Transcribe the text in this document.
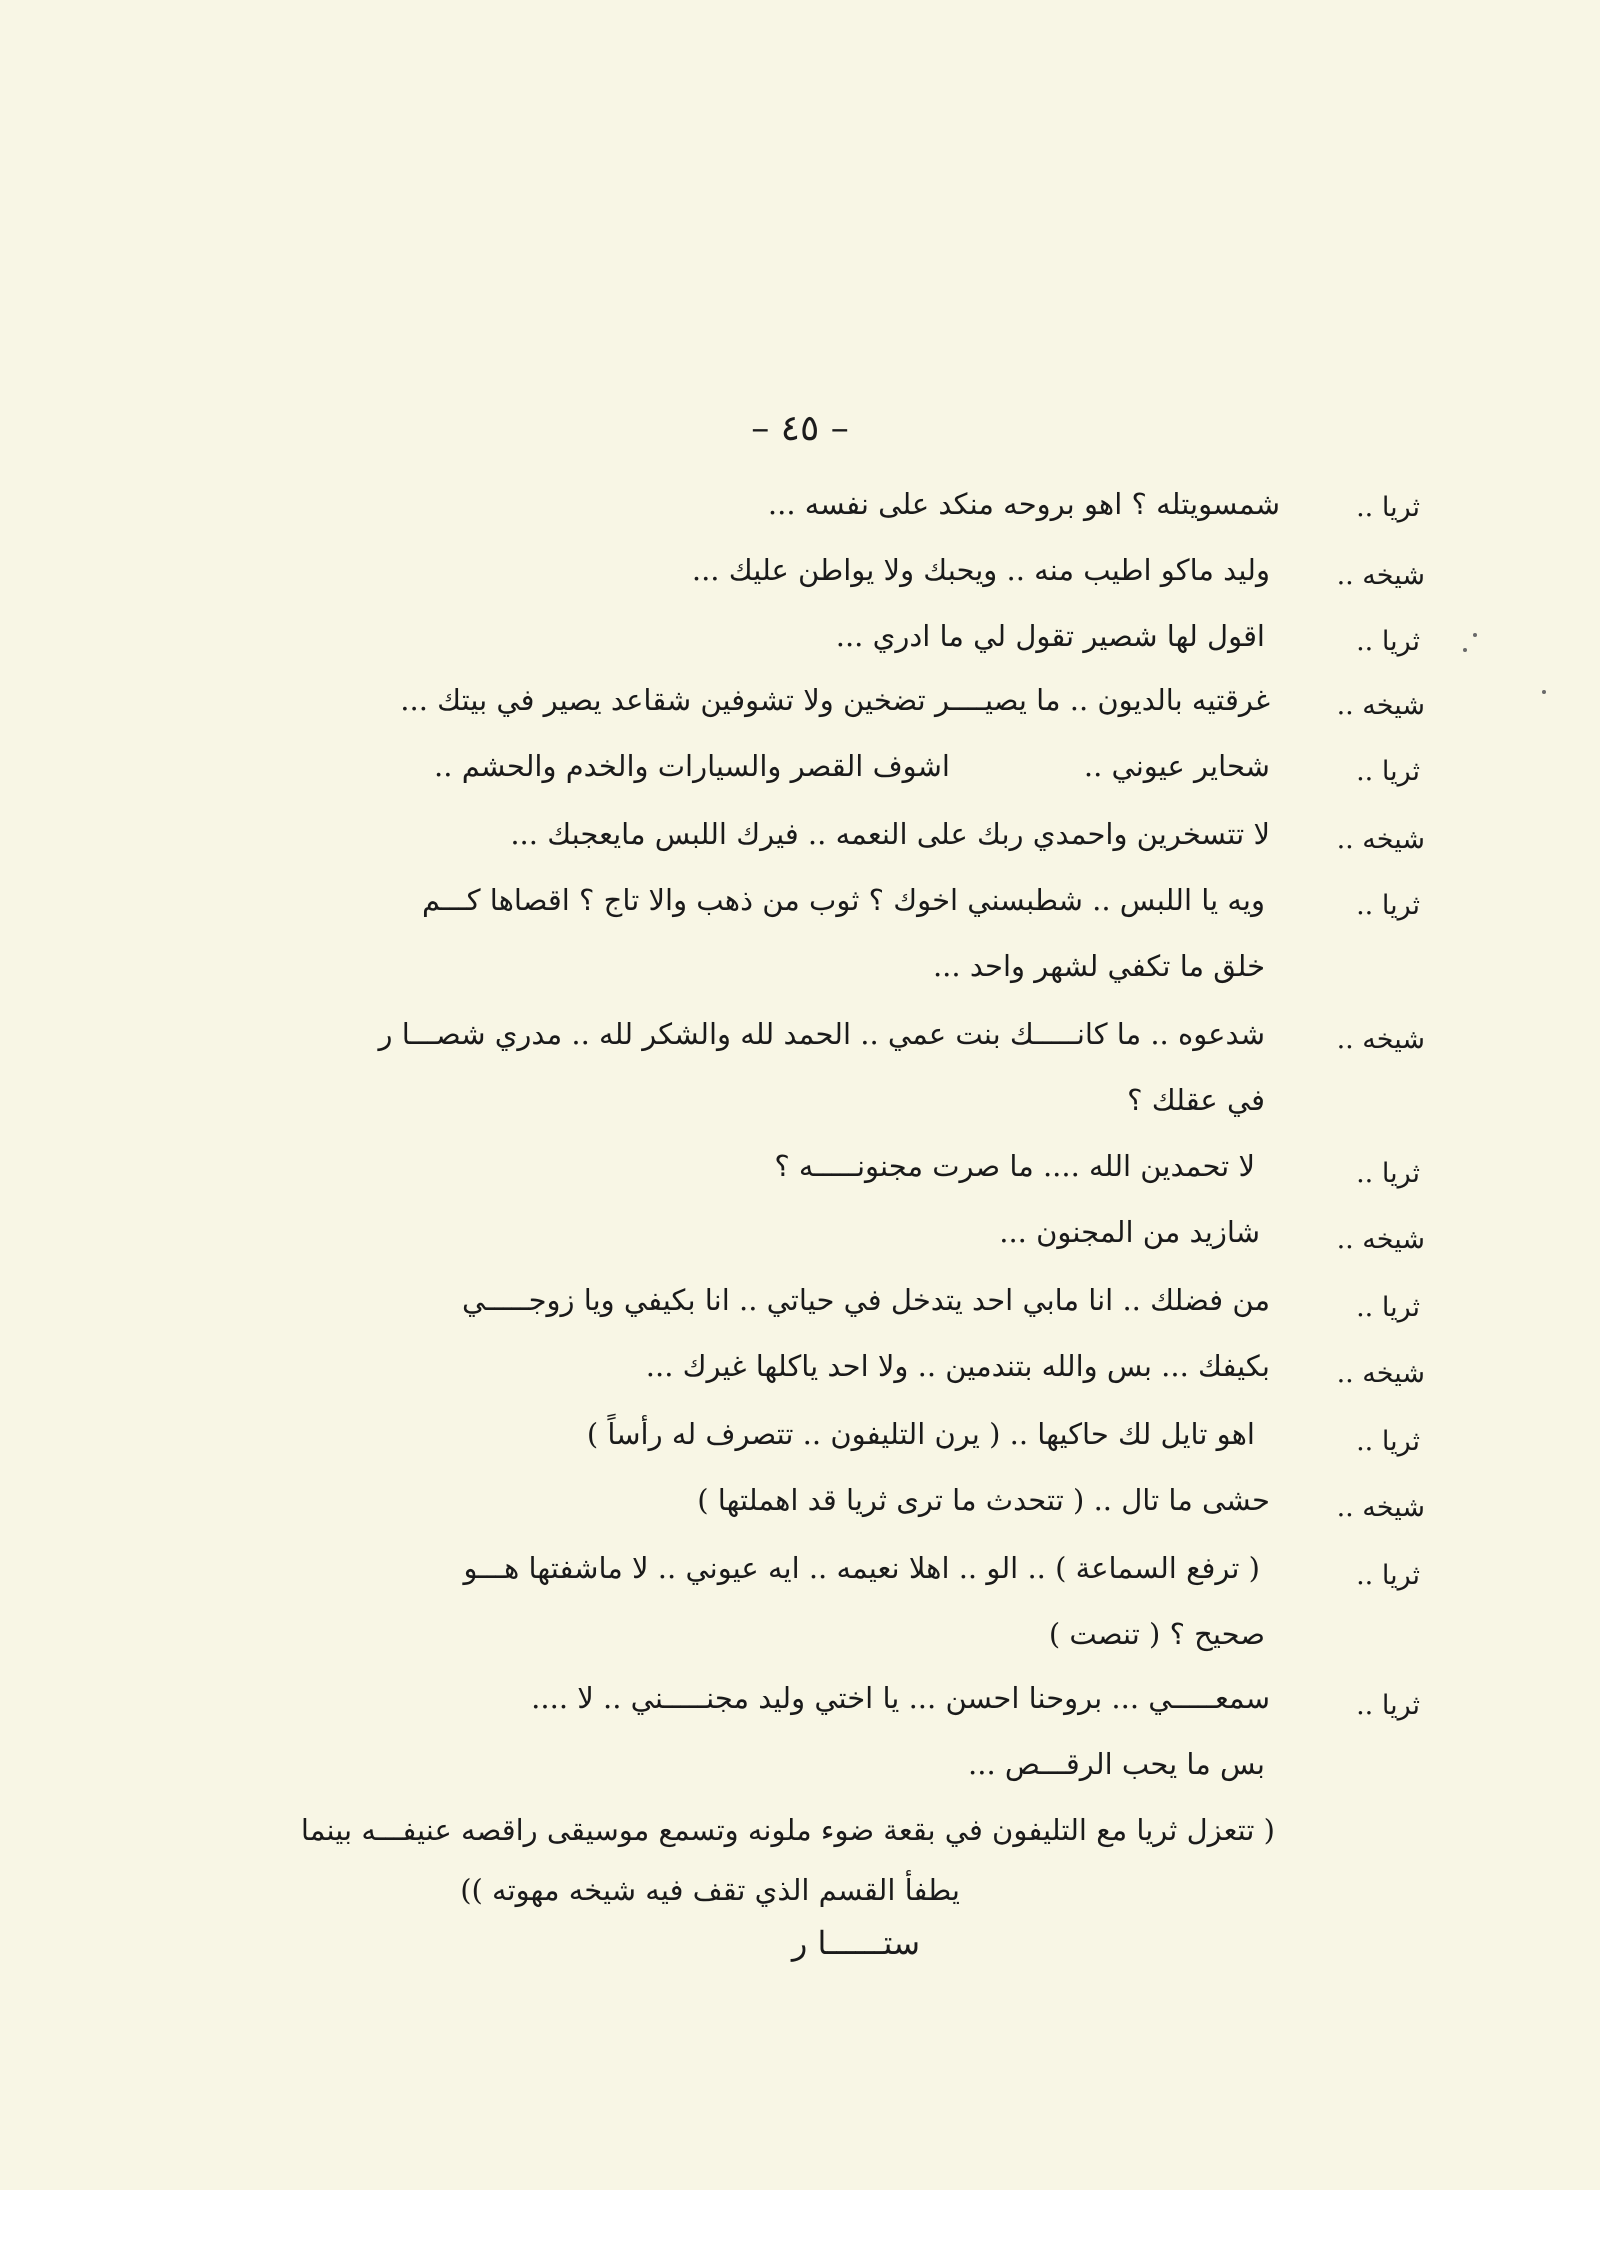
– ٤٥ –
ثريا ..
شمسويتله ؟ اهو بروحه منكد على نفسه ...
شيخه ..
وليد ماكو اطيب منه .. ويحبك ولا يواطن عليك ...
ثريا ..
اقول لها شصير تقول لي ما ادري ...
شيخه ..
غرقتيه بالديون .. ما يصيــــر تضخين ولا تشوفين شقاعد يصير في بيتك ...
ثريا ..
شحاير عيوني ..
اشوف القصر والسيارات والخدم والحشم ..
شيخه ..
لا تتسخرين واحمدي ربك على النعمه .. فيرك اللبس مايعجبك ...
ثريا ..
ويه يا اللبس .. شطبسني اخوك ؟ ثوب من ذهب والا تاج ؟ اقصاها كـــم
خلق ما تكفي لشهر واحد ...
شيخه ..
شدعوه .. ما كانـــــك بنت عمي .. الحمد لله والشكر لله .. مدري شصـــا ر
في عقلك ؟
ثريا ..
لا تحمدين الله .... ما صرت مجنونـــــه ؟
شيخه ..
شازيد من المجنون ...
ثريا ..
من فضلك .. انا مابي احد يتدخل في حياتي .. انا بكيفي ويا زوجـــــي
شيخه ..
بكيفك ... بس والله بتندمين .. ولا احد ياكلها غيرك ...
ثريا ..
اهو تايل لك حاكيها .. ( يرن التليفون .. تتصرف له رأساً )
شيخه ..
حشى ما تال .. ( تتحدث ما ترى ثريا قد اهملتها )
ثريا ..
( ترفع السماعة ) .. الو .. اهلا نعيمه .. ايه عيوني .. لا ماشفتها هـــو
صحيح ؟ ( تنصت )
ثريا ..
سمعـــــي ... بروحنا احسن ... يا اختي وليد مجنـــــني .. لا ....
بس ما يحب الرقـــص ...
( تتعزل ثريا مع التليفون في بقعة ضوء ملونه وتسمع موسيقى راقصه عنيفـــه بينما
يطفأ القسم الذي تقف فيه شيخه مهوته ))
ستــــــا ر
